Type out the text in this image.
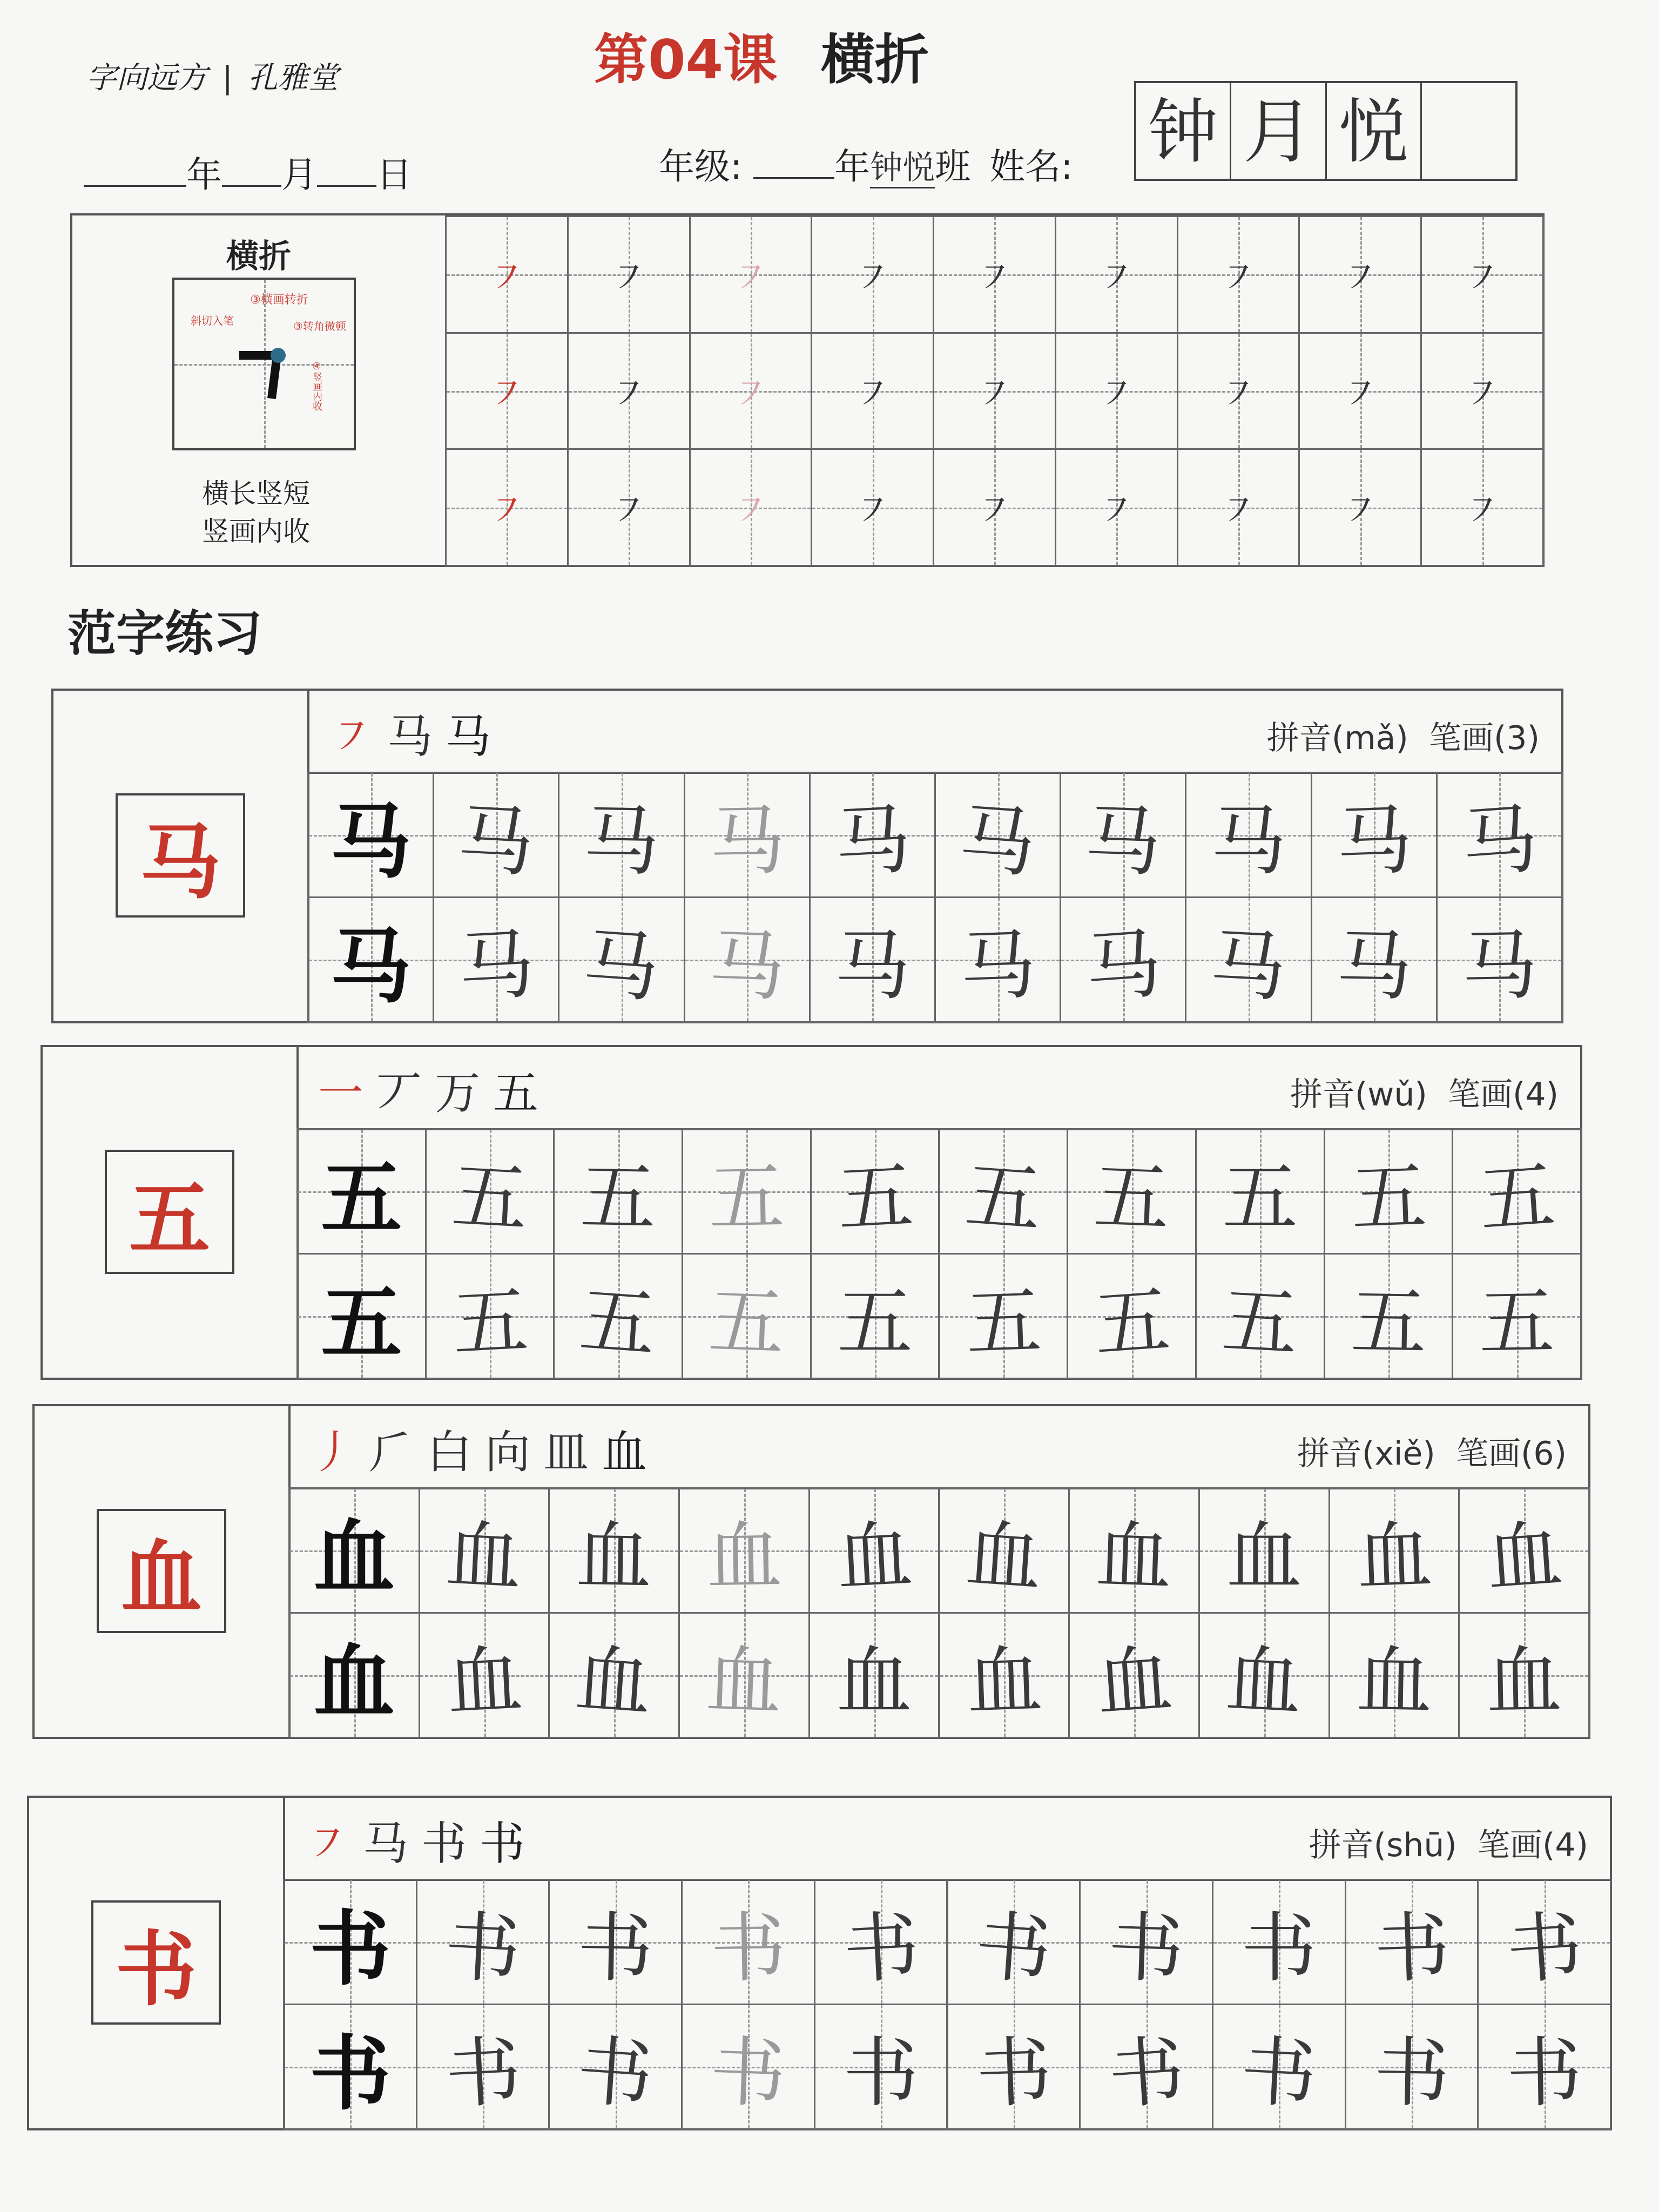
字向远方 | 孔雅堂	第04课 横折
年 月 日	年级:	年钟悦班 姓名: 钟 月 悦
横折
③横画转折
③转角微顿
斜切入笔
④竖画内收
横长竖短
竖画内收
㇇	㇇	㇇	㇇	㇇	㇇	㇇	㇇	㇇
㇇	㇇	㇇	㇇	㇇	㇇	㇇	㇇	㇇
㇇	㇇	㇇	㇇	㇇	㇇	㇇	㇇	㇇
范字练习
马
㇇ 马 马	拼音(mǎ)  笔画(3)
马 马 马 马 马 马 马 马 马 马
马 马 马 马 马 马 马 马 马 马
五
一 丆 万 五	拼音(wǔ)  笔画(4)
五 五 五 五 五 五 五 五 五 五
五 五 五 五 五 五 五 五 五 五
血
丿 ⺁ 白 向 皿 血	拼音(xiě)  笔画(6)
血 血 血 血 血 血 血 血 血 血
血 血 血 血 血 血 血 血 血 血
书
㇇ 马 书 书	拼音(shū)  笔画(4)
书 书 书 书 书 书 书 书 书 书
书 书 书 书 书 书 书 书 书 书
